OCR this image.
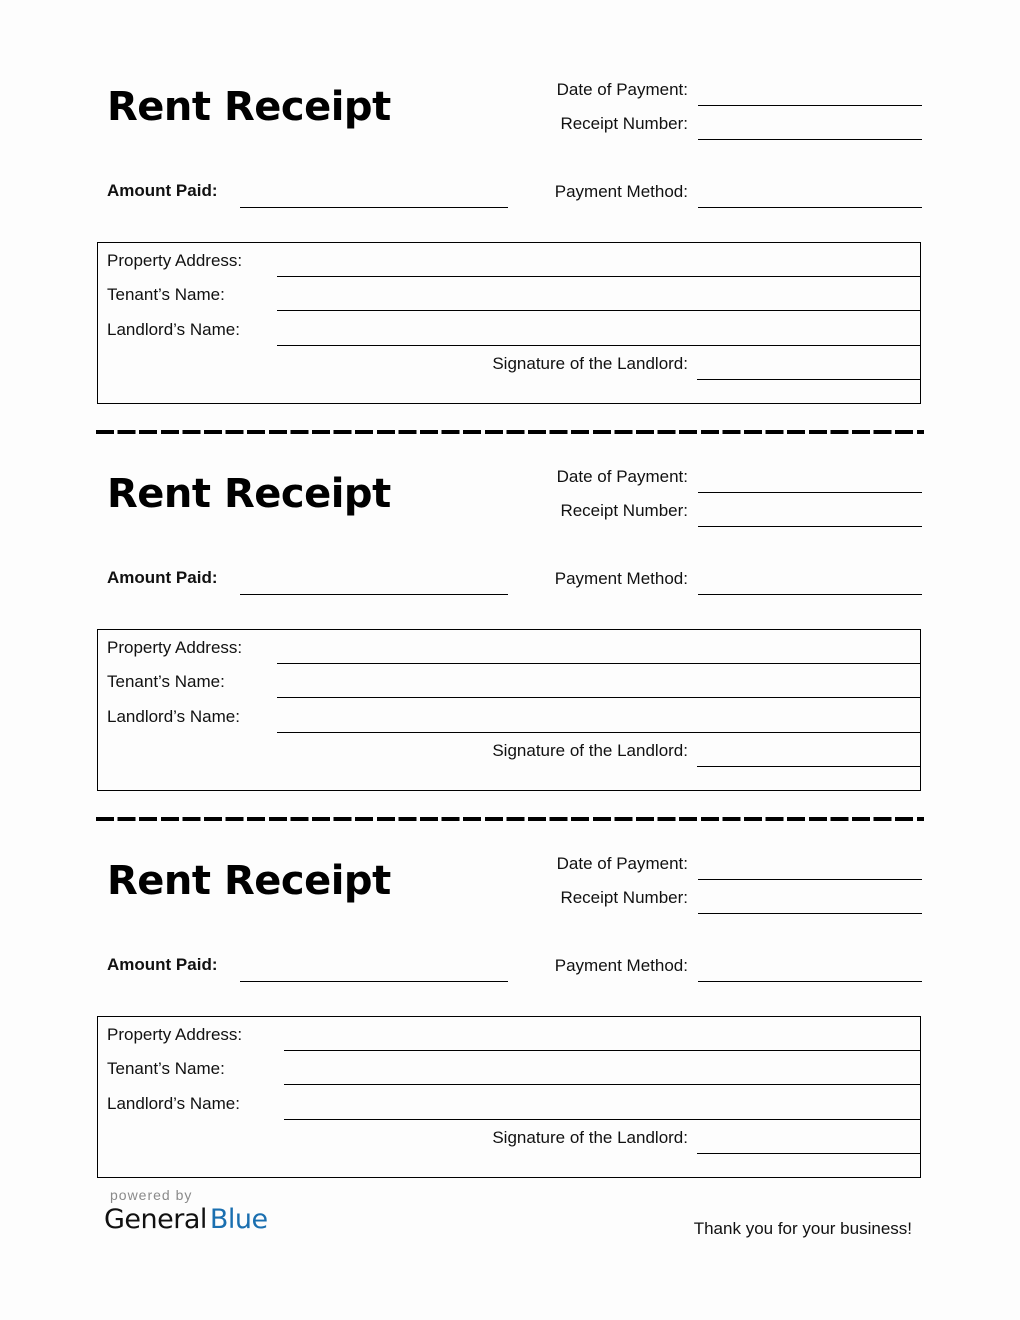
Rent Receipt	Date of Payment:
Receipt Number:
Amount Paid:	Payment Method:
Property Address:
Tenant’s Name:
Landlord’s Name:
Signature of the Landlord:
Rent Receipt	Date of Payment:
Receipt Number:
Amount Paid:	Payment Method:
Property Address:
Tenant’s Name:
Landlord’s Name:
Signature of the Landlord:
Rent Receipt	Date of Payment:
Receipt Number:
Amount Paid:	Payment Method:
Property Address:
Tenant’s Name:
Landlord’s Name:
Signature of the Landlord:
powered by
General Blue	Thank you for your business!
